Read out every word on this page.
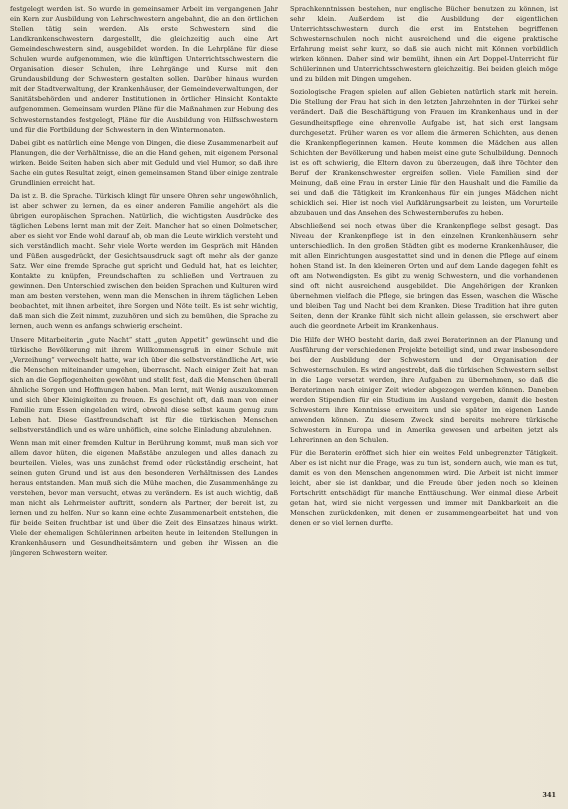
festgelegt werden ist. So wurde in gemeinsamer Arbeit im vergangenen Jahr ein Kern zur Ausbildung von Lehrschwestern angebahnt, die an den örtlichen Stellen tätig sein werden. Als erste Schwestern sind die Landkrankenschwestern dargestellt, die gleichzeitig auch eine Art Gemeindeschwestern sind, ausgebildet worden. In die Lehrpläne für diese Schulen wurde aufgenommen, wie die künftigen Unterrichtsschwestern die Organisation dieser Schulen, ihre Lehrgänge und Kurse mit den Grundausbildung der Schwestern gestalten sollen. Darüber hinaus wurden mit der Stadtverwaltung, der Krankenhäuser, der Gemeindeverwaltungen, der Sanitätsbehörden und anderer Institutionen in örtlicher Hinsicht Kontakte aufgenommen. Gemeinsam wurden Pläne für die Maßnahmen zur Hebung des Schwesternstandes festgelegt, Pläne für die Ausbildung von Hilfsschwestern und für die Fortbildung der Schwestern in den Wintermonaten.

Dabei gibt es natürlich eine Menge von Dingen, die diese Zusammenarbeit auf Planungen, die der Verhältnisse, die an die Hand gehen, mit eigenem Personal wirken. Beide Seiten haben sich aber mit Geduld und viel Humor, so daß ihre Sache ein gutes Resultat zeigt, einen gemeinsamen Stand über einige zentrale Grundlinien erreicht hat.

Da ist z. B. die Sprache. Türkisch klingt für unsere Ohren sehr ungewöhnlich, ist aber schwer zu lernen, da es einer anderen Familie angehört als die übrigen europäischen Sprachen. Natürlich, die wichtigsten Ausdrücke des täglichen Lebens lernt man mit der Zeit. Mancher hat so einen Dolmetscher, aber es sieht vor Ende wohl darauf ab, ob man die Leute wirklich versteht und sich verständlich macht. Sehr viele Worte werden im Gespräch mit Händen und Füßen ausgedrückt, der Gesichtsausdruck sagt oft mehr als der ganze Satz. Wer eine fremde Sprache gut spricht und Geduld hat, hat es leichter, Kontakte zu knüpfen, Freundschaften zu schließen und Vertrauen zu gewinnen. Den Unterschied zwischen den beiden Sprachen und Kulturen wird man am besten verstehen, wenn man die Menschen in ihrem täglichen Leben beobachtet, mit ihnen arbeitet, ihre Sorgen und Nöte teilt. Es ist sehr wichtig, daß man sich die Zeit nimmt, zuzuhören und sich zu bemühen, die Sprache zu lernen, auch wenn es anfangs schwierig erscheint.

Unsere Mitarbeiterin „gute Nacht“ statt „guten Appetit“ gewünscht und die türkische Bevölkerung mit ihrem Willkommensgruß in einer Schule mit „Verzeihung“ verwechselt hatte, war ich über die selbstverständliche Art, wie die Menschen miteinander umgehen, überrascht. Nach einiger Zeit hat man sich an die Gepflogenheiten gewöhnt und stellt fest, daß die Menschen überall ähnliche Sorgen und Hoffnungen haben. Man lernt, mit Wenig auszukommen und sich über Kleinigkeiten zu freuen. Es geschieht oft, daß man von einer Familie zum Essen eingeladen wird, obwohl diese selbst kaum genug zum Leben hat. Diese Gastfreundschaft ist für die türkischen Menschen selbstverständlich und es wäre unhöflich, eine solche Einladung abzulehnen.

Wenn man mit einer fremden Kultur in Berührung kommt, muß man sich vor allem davor hüten, die eigenen Maßstäbe anzulegen und alles danach zu beurteilen. Vieles, was uns zunächst fremd oder rückständig erscheint, hat seinen guten Grund und ist aus den besonderen Verhältnissen des Landes heraus entstanden. Man muß sich die Mühe machen, die Zusammenhänge zu verstehen, bevor man versucht, etwas zu verändern. Es ist auch wichtig, daß man nicht als Lehrmeister auftritt, sondern als Partner, der bereit ist, zu lernen und zu helfen. Nur so kann eine echte Zusammenarbeit entstehen, die für beide Seiten fruchtbar ist und über die Zeit des Einsatzes hinaus wirkt. Viele der ehemaligen Schülerinnen arbeiten heute in leitenden Stellungen in Krankenhäusern und Gesundheitsämtern und geben ihr Wissen an die jüngeren Schwestern weiter.

Sprachkenntnissen bestehen, nur englische Bücher benutzen zu können, ist sehr klein. Außerdem ist die Ausbildung der eigentlichen Unterrichtsschwestern durch die erst im Entstehen begriffenen Schwesternschulen noch nicht ausreichend und die eigene praktische Erfahrung meist sehr kurz, so daß sie auch nicht mit Können vorbildlich wirken können. Daher sind wir bemüht, ihnen ein Art Doppel-Unterricht für Schülerinnen und Unterrichtsschwestern gleichzeitig. Bei beiden gleich möge und zu bilden mit Dingen umgehen.

Soziologische Fragen spielen auf allen Gebieten natürlich stark mit herein. Die Stellung der Frau hat sich in den letzten Jahrzehnten in der Türkei sehr verändert. Daß die Beschäftigung von Frauen im Krankenhaus und in der Gesundheitspflege eine ehrenvolle Aufgabe ist, hat sich erst langsam durchgesetzt. Früher waren es vor allem die ärmeren Schichten, aus denen die Krankenpflegerinnen kamen. Heute kommen die Mädchen aus allen Schichten der Bevölkerung und haben meist eine gute Schulbildung. Dennoch ist es oft schwierig, die Eltern davon zu überzeugen, daß ihre Töchter den Beruf der Krankenschwester ergreifen sollen. Viele Familien sind der Meinung, daß eine Frau in erster Linie für den Haushalt und die Familie da sei und daß die Tätigkeit im Krankenhaus für ein junges Mädchen nicht schicklich sei. Hier ist noch viel Aufklärungsarbeit zu leisten, um Vorurteile abzubauen und das Ansehen des Schwesternberufes zu heben.

Abschließend sei noch etwas über die Krankenpflege selbst gesagt. Das Niveau der Krankenpflege ist in den einzelnen Krankenhäusern sehr unterschiedlich. In den großen Städten gibt es moderne Krankenhäuser, die mit allen Einrichtungen ausgestattet sind und in denen die Pflege auf einem hohen Stand ist. In den kleineren Orten und auf dem Lande dagegen fehlt es oft am Notwendigsten. Es gibt zu wenig Schwestern, und die vorhandenen sind oft nicht ausreichend ausgebildet. Die Angehörigen der Kranken übernehmen vielfach die Pflege, sie bringen das Essen, waschen die Wäsche und bleiben Tag und Nacht bei dem Kranken. Diese Tradition hat ihre guten Seiten, denn der Kranke fühlt sich nicht allein gelassen, sie erschwert aber auch die geordnete Arbeit im Krankenhaus.

Die Hilfe der WHO besteht darin, daß zwei Beraterinnen an der Planung und Ausführung der verschiedenen Projekte beteiligt sind, und zwar insbesondere bei der Ausbildung der Schwestern und der Organisation der Schwesternschulen. Es wird angestrebt, daß die türkischen Schwestern selbst in die Lage versetzt werden, ihre Aufgaben zu übernehmen, so daß die Beraterinnen nach einiger Zeit wieder abgezogen werden können. Daneben werden Stipendien für ein Studium im Ausland vergeben, damit die besten Schwestern ihre Kenntnisse erweitern und sie später im eigenen Lande anwenden können. Zu diesem Zweck sind bereits mehrere türkische Schwestern in Europa und in Amerika gewesen und arbeiten jetzt als Lehrerinnen an den Schulen.

Für die Beraterin eröffnet sich hier ein weites Feld unbegrenzter Tätigkeit. Aber es ist nicht nur die Frage, was zu tun ist, sondern auch, wie man es tut, damit es von den Menschen angenommen wird. Die Arbeit ist nicht immer leicht, aber sie ist dankbar, und die Freude über jeden noch so kleinen Fortschritt entschädigt für manche Enttäuschung. Wer einmal diese Arbeit getan hat, wird sie nicht vergessen und immer mit Dankbarkeit an die Menschen zurückdenken, mit denen er zusammengearbeitet hat und von denen er so viel lernen durfte.

341
